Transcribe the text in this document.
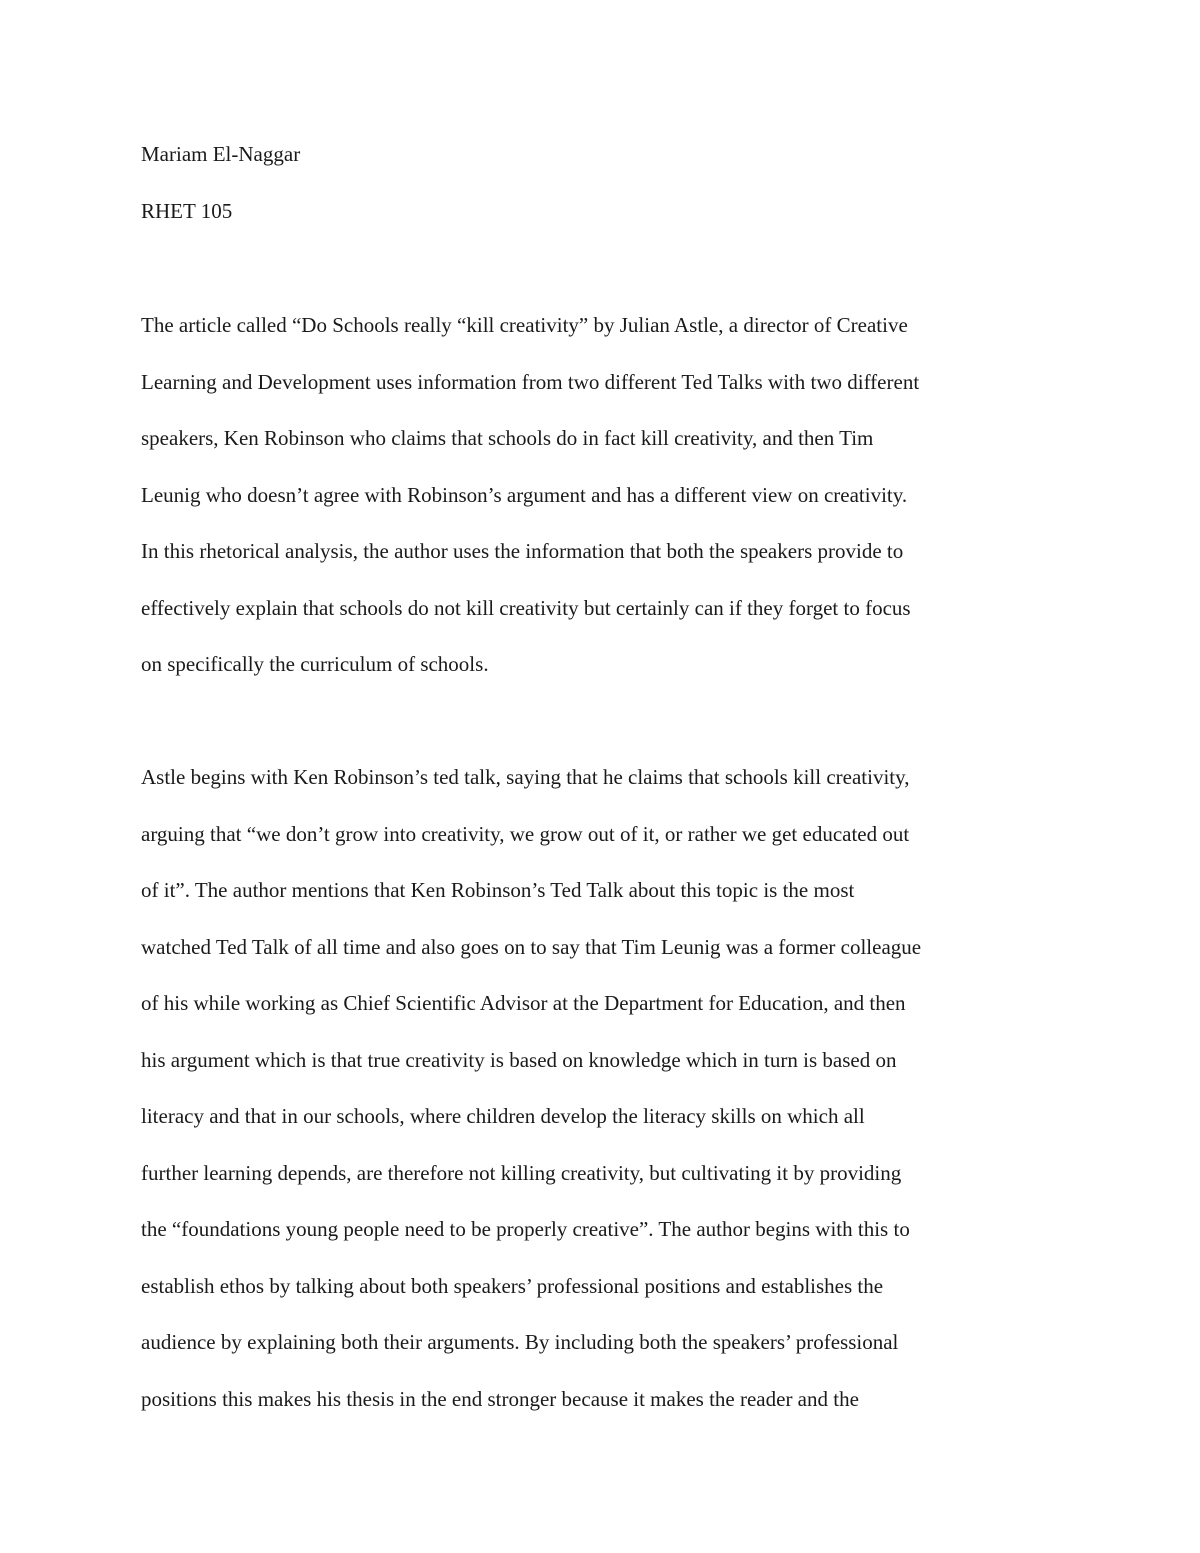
Mariam El-Naggar
RHET 105
The article called “Do Schools really “kill creativity” by Julian Astle, a director of Creative
Learning and Development uses information from two different Ted Talks with two different
speakers, Ken Robinson who claims that schools do in fact kill creativity, and then Tim
Leunig who doesn’t agree with Robinson’s argument and has a different view on creativity.
In this rhetorical analysis, the author uses the information that both the speakers provide to
effectively explain that schools do not kill creativity but certainly can if they forget to focus
on specifically the curriculum of schools.
Astle begins with Ken Robinson’s ted talk, saying that he claims that schools kill creativity,
arguing that “we don’t grow into creativity, we grow out of it, or rather we get educated out
of it”. The author mentions that Ken Robinson’s Ted Talk about this topic is the most
watched Ted Talk of all time and also goes on to say that Tim Leunig was a former colleague
of his while working as Chief Scientific Advisor at the Department for Education, and then
his argument which is that true creativity is based on knowledge which in turn is based on
literacy and that in our schools, where children develop the literacy skills on which all
further learning depends, are therefore not killing creativity, but cultivating it by providing
the “foundations young people need to be properly creative”. The author begins with this to
establish ethos by talking about both speakers’ professional positions and establishes the
audience by explaining both their arguments. By including both the speakers’ professional
positions this makes his thesis in the end stronger because it makes the reader and the
